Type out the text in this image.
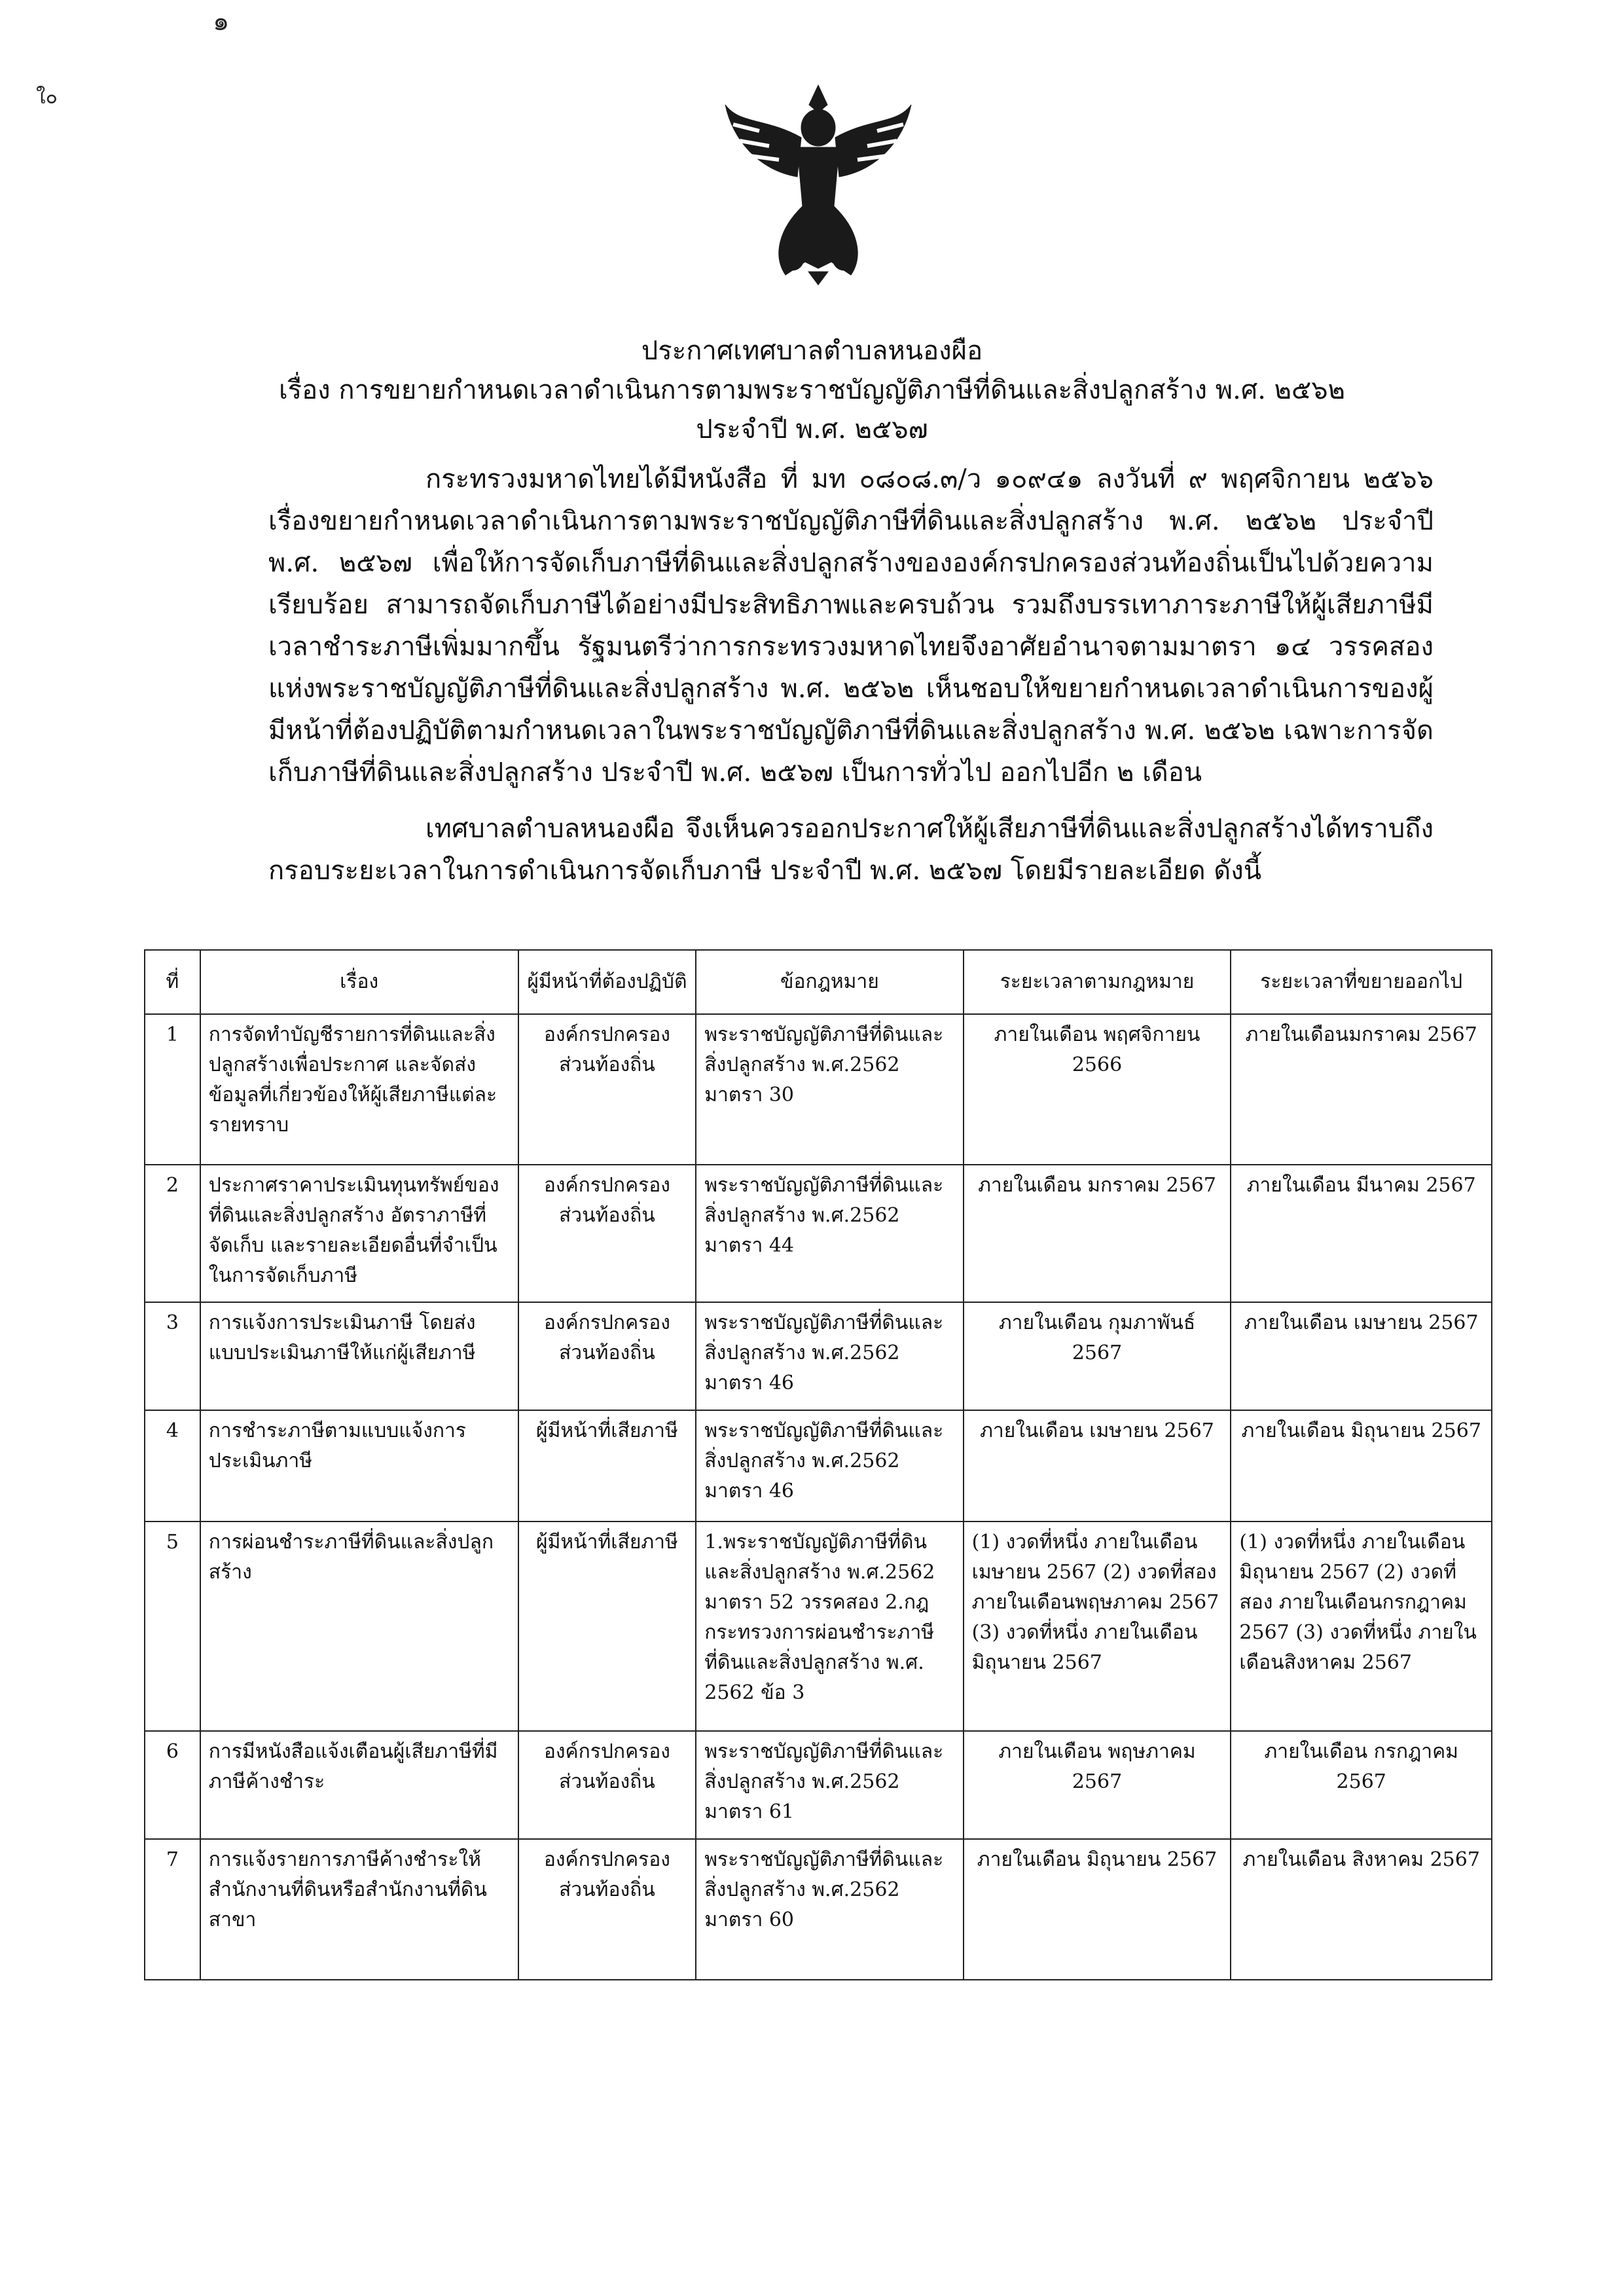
๑
ใ๐
ประกาศเทศบาลตำบลหนองผือ
เรื่อง การขยายกำหนดเวลาดำเนินการตามพระราชบัญญัติภาษีที่ดินและสิ่งปลูกสร้าง พ.ศ. ๒๕๖๒
ประจำปี พ.ศ. ๒๕๖๗

กระทรวงมหาดไทยได้มีหนังสือ ที่ มท ๐๘๐๘.๓/ว ๑๐๙๔๑ ลงวันที่ ๙ พฤศจิกายน ๒๕๖๖ เรื่องขยายกำหนดเวลาดำเนินการตามพระราชบัญญัติภาษีที่ดินและสิ่งปลูกสร้าง พ.ศ. ๒๕๖๒ ประจำปี พ.ศ. ๒๕๖๗ เพื่อให้การจัดเก็บภาษีที่ดินและสิ่งปลูกสร้างขององค์กรปกครองส่วนท้องถิ่นเป็นไปด้วยความเรียบร้อย สามารถจัดเก็บภาษีได้อย่างมีประสิทธิภาพและครบถ้วน รวมถึงบรรเทาภาระภาษีให้ผู้เสียภาษีมีเวลาชำระภาษีเพิ่มมากขึ้น รัฐมนตรีว่าการกระทรวงมหาดไทยจึงอาศัยอำนาจตามมาตรา ๑๔ วรรคสอง แห่งพระราชบัญญัติภาษีที่ดินและสิ่งปลูกสร้าง พ.ศ. ๒๕๖๒ เห็นชอบให้ขยายกำหนดเวลาดำเนินการของผู้มีหน้าที่ต้องปฏิบัติตามกำหนดเวลาในพระราชบัญญัติภาษีที่ดินและสิ่งปลูกสร้าง พ.ศ. ๒๕๖๒ เฉพาะการจัดเก็บภาษีที่ดินและสิ่งปลูกสร้าง ประจำปี พ.ศ. ๒๕๖๗ เป็นการทั่วไป ออกไปอีก ๒ เดือน

เทศบาลตำบลหนองผือ จึงเห็นควรออกประกาศให้ผู้เสียภาษีที่ดินและสิ่งปลูกสร้างได้ทราบถึงกรอบระยะเวลาในการดำเนินการจัดเก็บภาษี ประจำปี พ.ศ. ๒๕๖๗ โดยมีรายละเอียด ดังนี้

ที่	เรื่อง	ผู้มีหน้าที่ต้องปฏิบัติ	ข้อกฎหมาย	ระยะเวลาตามกฎหมาย	ระยะเวลาที่ขยายออกไป
1	การจัดทำบัญชีรายการที่ดินและสิ่งปลูกสร้างเพื่อประกาศ และจัดส่งข้อมูลที่เกี่ยวข้องให้ผู้เสียภาษีแต่ละรายทราบ	องค์กรปกครองส่วนท้องถิ่น	พระราชบัญญัติภาษีที่ดินและสิ่งปลูกสร้าง พ.ศ.2562 มาตรา 30	ภายในเดือน พฤศจิกายน 2566	ภายในเดือนมกราคม 2567
2	ประกาศราคาประเมินทุนทรัพย์ของที่ดินและสิ่งปลูกสร้าง อัตราภาษีที่จัดเก็บ และรายละเอียดอื่นที่จำเป็นในการจัดเก็บภาษี	องค์กรปกครองส่วนท้องถิ่น	พระราชบัญญัติภาษีที่ดินและสิ่งปลูกสร้าง พ.ศ.2562 มาตรา 44	ภายในเดือน มกราคม 2567	ภายในเดือน มีนาคม 2567
3	การแจ้งการประเมินภาษี โดยส่งแบบประเมินภาษีให้แก่ผู้เสียภาษี	องค์กรปกครองส่วนท้องถิ่น	พระราชบัญญัติภาษีที่ดินและสิ่งปลูกสร้าง พ.ศ.2562 มาตรา 46	ภายในเดือน กุมภาพันธ์ 2567	ภายในเดือน เมษายน 2567
4	การชำระภาษีตามแบบแจ้งการประเมินภาษี	ผู้มีหน้าที่เสียภาษี	พระราชบัญญัติภาษีที่ดินและสิ่งปลูกสร้าง พ.ศ.2562 มาตรา 46	ภายในเดือน เมษายน 2567	ภายในเดือน มิถุนายน 2567
5	การผ่อนชำระภาษีที่ดินและสิ่งปลูกสร้าง	ผู้มีหน้าที่เสียภาษี	1.พระราชบัญญัติภาษีที่ดินและสิ่งปลูกสร้าง พ.ศ.2562 มาตรา 52 วรรคสอง 2.กฎกระทรวงการผ่อนชำระภาษีที่ดินและสิ่งปลูกสร้าง พ.ศ. 2562 ข้อ 3	(1) งวดที่หนึ่ง ภายในเดือนเมษายน 2567 (2) งวดที่สอง ภายในเดือนพฤษภาคม 2567 (3) งวดที่หนึ่ง ภายในเดือนมิถุนายน 2567	(1) งวดที่หนึ่ง ภายในเดือนมิถุนายน 2567 (2) งวดที่สอง ภายในเดือนกรกฎาคม 2567 (3) งวดที่หนึ่ง ภายในเดือนสิงหาคม 2567
6	การมีหนังสือแจ้งเตือนผู้เสียภาษีที่มีภาษีค้างชำระ	องค์กรปกครองส่วนท้องถิ่น	พระราชบัญญัติภาษีที่ดินและสิ่งปลูกสร้าง พ.ศ.2562 มาตรา 61	ภายในเดือน พฤษภาคม 2567	ภายในเดือน กรกฎาคม 2567
7	การแจ้งรายการภาษีค้างชำระให้สำนักงานที่ดินหรือสำนักงานที่ดินสาขา	องค์กรปกครองส่วนท้องถิ่น	พระราชบัญญัติภาษีที่ดินและสิ่งปลูกสร้าง พ.ศ.2562 มาตรา 60	ภายในเดือน มิถุนายน 2567	ภายในเดือน สิงหาคม 2567
